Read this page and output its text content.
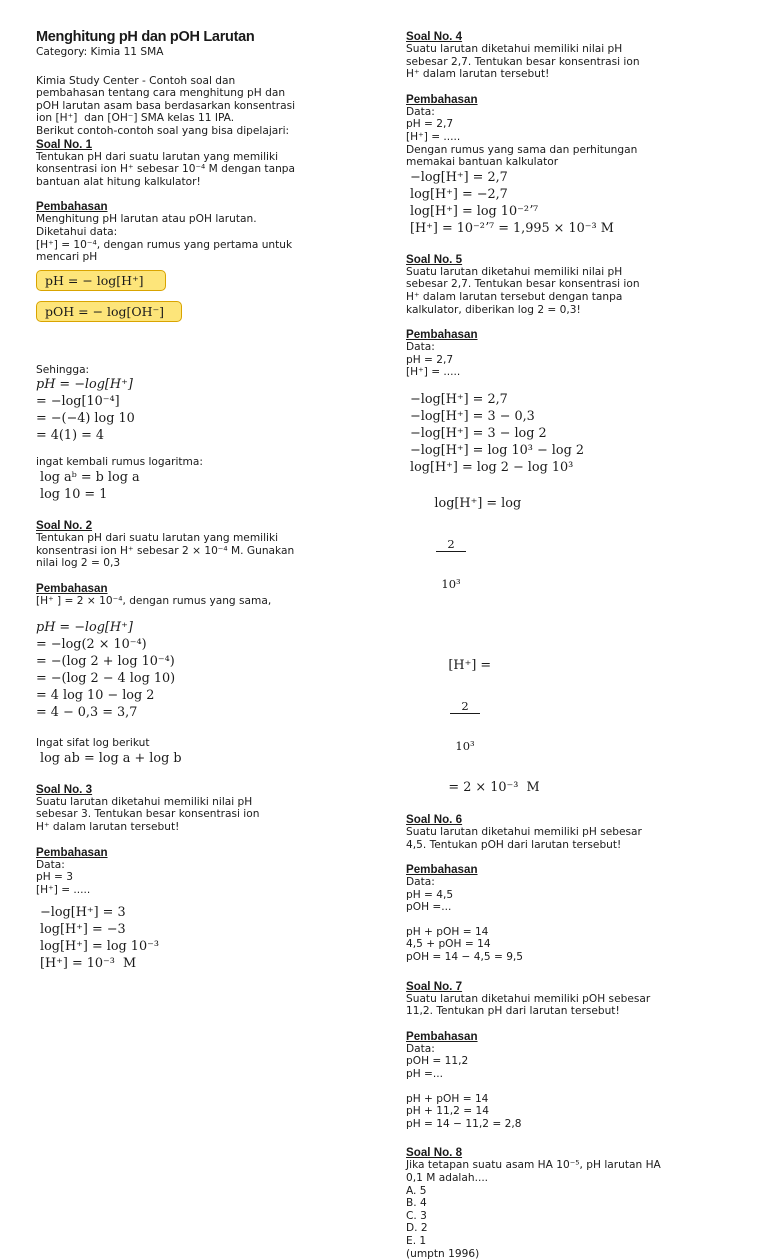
Menghitung pH dan pOH Larutan

Category: Kimia 11 SMA

Kimia Study Center - Contoh soal dan

pembahasan tentang cara menghitung pH dan

pOH larutan asam basa berdasarkan konsentrasi

ion [H⁺]  dan [OH⁻] SMA kelas 11 IPA.

Berikut contoh-contoh soal yang bisa dipelajari:

Soal No. 1

Tentukan pH dari suatu larutan yang memiliki

konsentrasi ion H⁺ sebesar 10⁻⁴ M dengan tanpa

bantuan alat hitung kalkulator!

Pembahasan

Menghitung pH larutan atau pOH larutan.

Diketahui data:

[H⁺] = 10⁻⁴, dengan rumus yang pertama untuk

mencari pH

pH = − log[H⁺]
pOH = − log[OH⁻]

Sehingga:

pH = −log[H⁺]

= −log[10⁻⁴]

= −(−4) log 10

= 4(1) = 4

ingat kembali rumus logaritma:

log aᵇ = b log a

log 10 = 1

Soal No. 2

Tentukan pH dari suatu larutan yang memiliki

konsentrasi ion H⁺ sebesar 2 × 10⁻⁴ M. Gunakan

nilai log 2 = 0,3

Pembahasan

[H⁺ ] = 2 × 10⁻⁴, dengan rumus yang sama,

pH = −log[H⁺]

= −log(2 × 10⁻⁴)

= −(log 2 + log 10⁻⁴)

= −(log 2 − 4 log 10)

= 4 log 10 − log 2

= 4 − 0,3 = 3,7

Ingat sifat log berikut

log ab = log a + log b

Soal No. 3

Suatu larutan diketahui memiliki nilai pH

sebesar 3. Tentukan besar konsentrasi ion

H⁺ dalam larutan tersebut!

Pembahasan

Data:

pH = 3

[H⁺] = .....

−log[H⁺] = 3

log[H⁺] = −3

log[H⁺] = log 10⁻³

[H⁺] = 10⁻³  M

Soal No. 4

Suatu larutan diketahui memiliki nilai pH

sebesar 2,7. Tentukan besar konsentrasi ion

H⁺ dalam larutan tersebut!

Pembahasan

Data:

pH = 2,7

[H⁺] = .....

Dengan rumus yang sama dan perhitungan

memakai bantuan kalkulator

−log[H⁺] = 2,7

log[H⁺] = −2,7

log[H⁺] = log 10⁻²ʼ⁷

[H⁺] = 10⁻²ʼ⁷ = 1,995 × 10⁻³ M

Soal No. 5

Suatu larutan diketahui memiliki nilai pH

sebesar 2,7. Tentukan besar konsentrasi ion

H⁺ dalam larutan tersebut dengan tanpa

kalkulator, diberikan log 2 = 0,3!

Pembahasan

Data:

pH = 2,7

[H⁺] = .....

−log[H⁺] = 2,7

−log[H⁺] = 3 − 0,3

−log[H⁺] = 3 − log 2

−log[H⁺] = log 10³ − log 2

log[H⁺] = log 2 − log 10³

log[H⁺] = log

$\frac{2}{\text{10³}}$

[H⁺] =

$\frac{2}{\text{10³}}$

= 2 × 10⁻³  M

Soal No. 6

Suatu larutan diketahui memiliki pH sebesar

4,5. Tentukan pOH dari larutan tersebut!

Pembahasan

Data:

pH = 4,5

pOH =...

pH + pOH = 14

4,5 + pOH = 14

pOH = 14 − 4,5 = 9,5

Soal No. 7

Suatu larutan diketahui memiliki pOH sebesar

11,2. Tentukan pH dari larutan tersebut!

Pembahasan

Data:

pOH = 11,2

pH =...

pH + pOH = 14

pH + 11,2 = 14

pH = 14 − 11,2 = 2,8

Soal No. 8

Jika tetapan suatu asam HA 10⁻⁵, pH larutan HA

0,1 M adalah....

A. 5

B. 4

C. 3

D. 2

E. 1

(umptn 1996)
